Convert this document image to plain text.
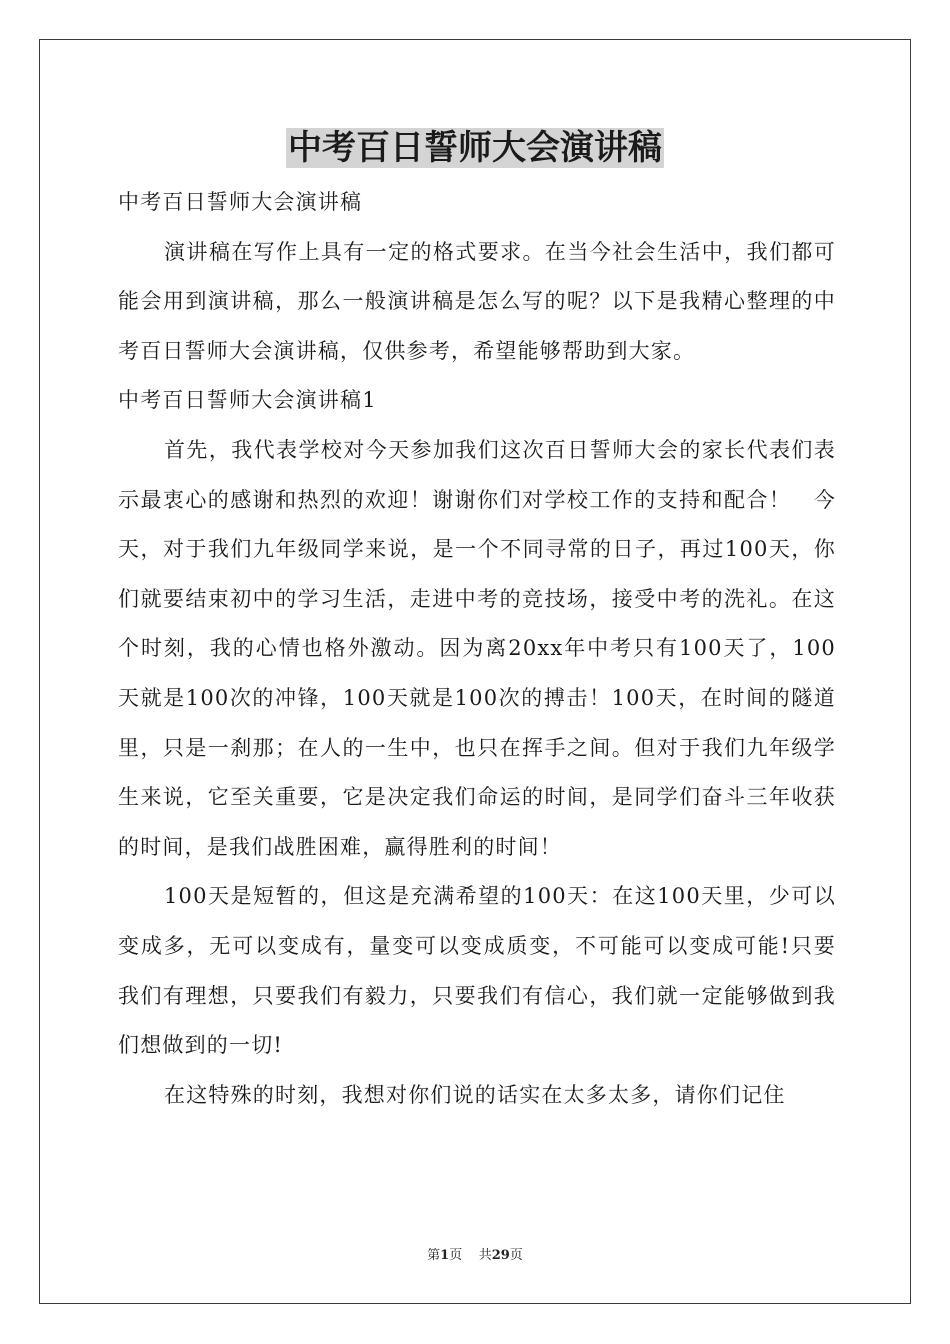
中考百日誓师大会演讲稿

中考百日誓师大会演讲稿

演讲稿在写作上具有一定的格式要求。在当今社会生活中，我们都可能会用到演讲稿，那么一般演讲稿是怎么写的呢？以下是我精心整理的中考百日誓师大会演讲稿，仅供参考，希望能够帮助到大家。

中考百日誓师大会演讲稿1

首先，我代表学校对今天参加我们这次百日誓师大会的家长代表们表示最衷心的感谢和热烈的欢迎！谢谢你们对学校工作的支持和配合！　今天，对于我们九年级同学来说，是一个不同寻常的日子，再过100天，你们就要结束初中的学习生活，走进中考的竞技场，接受中考的洗礼。在这个时刻，我的心情也格外激动。因为离20xx年中考只有100天了，100天就是100次的冲锋，100天就是100次的搏击！100天，在时间的隧道里，只是一刹那；在人的一生中，也只在挥手之间。但对于我们九年级学生来说，它至关重要，它是决定我们命运的时间，是同学们奋斗三年收获的时间，是我们战胜困难，赢得胜利的时间！

100天是短暂的，但这是充满希望的100天：在这100天里，少可以变成多，无可以变成有，量变可以变成质变，不可能可以变成可能!只要我们有理想，只要我们有毅力，只要我们有信心，我们就一定能够做到我们想做到的一切!

在这特殊的时刻，我想对你们说的话实在太多太多，请你们记住

第1页 共29页
